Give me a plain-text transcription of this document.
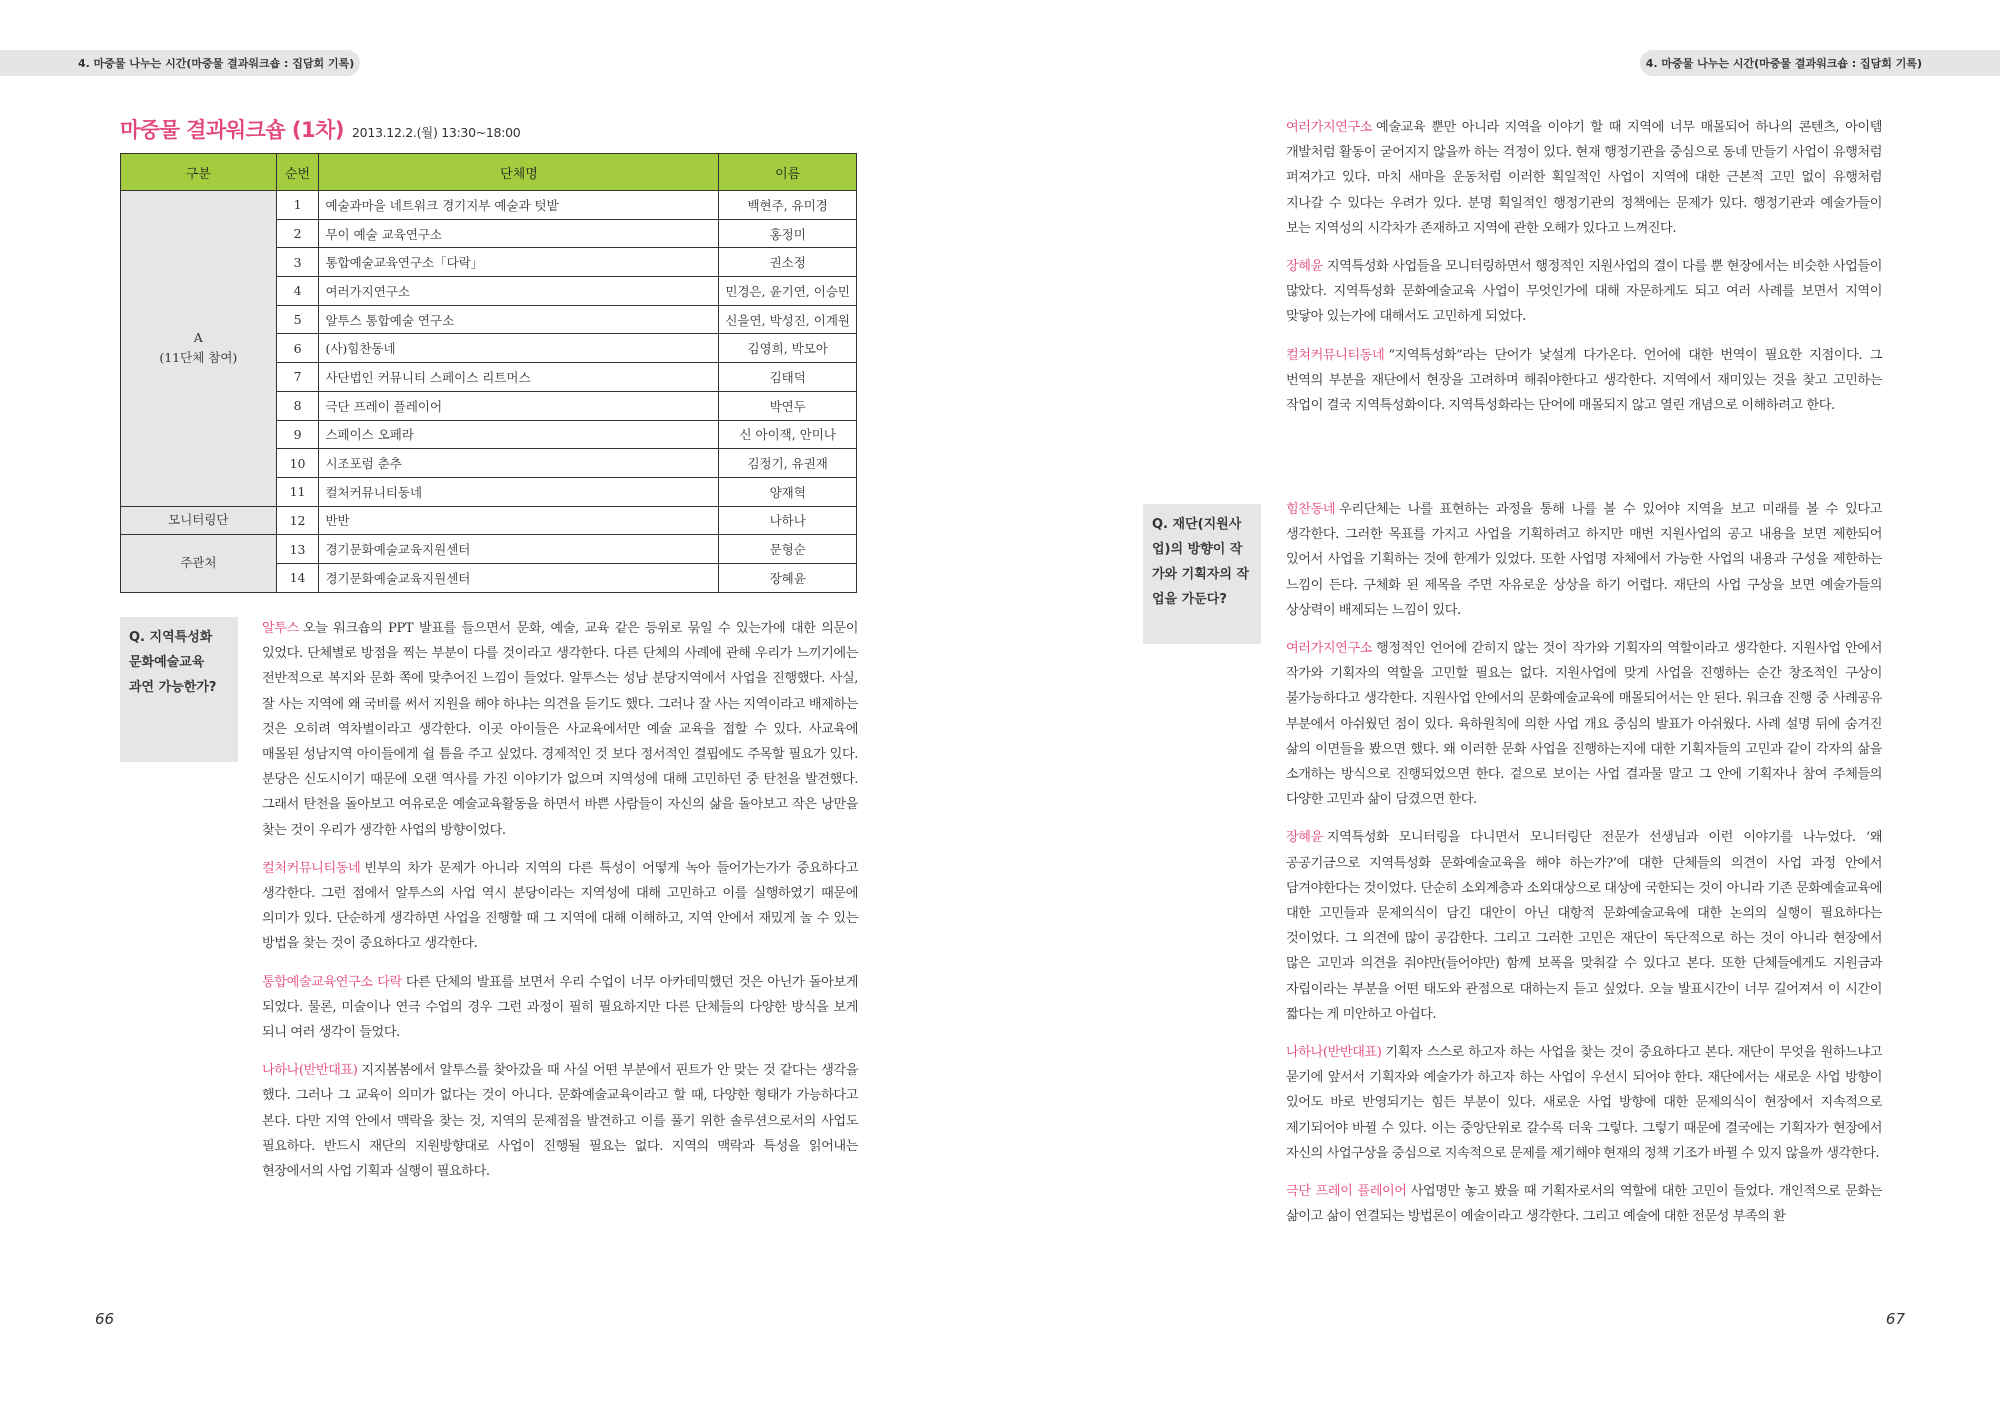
4. 마중물 나누는 시간(마중물 결과워크숍 : 집담회 기록)
마중물 결과워크숍 (1차) 2013.12.2.(월) 13:30~18:00
구분	순번	단체명	이름
A
(11단체 참여)	1	예술과마을 네트워크 경기지부 예술과 텃밭	백현주, 유미경
	2	무이 예술 교육연구소	홍정미
	3	통합예술교육연구소「다락」	권소정
	4	여러가지연구소	민경은, 윤기연, 이승민
	5	알투스 통합예술 연구소	신을연, 박성진, 이계원
	6	(사)힘찬동네	김영희, 박모아
	7	사단법인 커뮤니티 스페이스 리트머스	김태덕
	8	극단 프레이 플레이어	박연두
	9	스페이스 오페라	신 아이잭, 안미나
	10	시조포럼 춘추	김정기, 유권재
	11	컬처커뮤니티동네	양재혁
모니터링단	12	반반	나하나
주관처	13	경기문화예술교육지원센터	문형순
	14	경기문화예술교육지원센터	장혜윤
Q. 지역특성화
문화예술교육
과연 가능한가?

알투스 오늘 워크숍의 PPT 발표를 들으면서 문화, 예술, 교육 같은 등위로 묶일 수 있는가에 대한 의문이 있었다. 단체별로 방점을 찍는 부분이 다를 것이라고 생각한다. 다른 단체의 사례에 관해 우리가 느끼기에는 전반적으로 복지와 문화 쪽에 맞추어진 느낌이 들었다. 알투스는 성남 분당지역에서 사업을 진행했다. 사실, 잘 사는 지역에 왜 국비를 써서 지원을 해야 하냐는 의견을 듣기도 했다. 그러나 잘 사는 지역이라고 배제하는 것은 오히려 역차별이라고 생각한다. 이곳 아이들은 사교육에서만 예술 교육을 접할 수 있다. 사교육에 매몰된 성남지역 아이들에게 쉴 틈을 주고 싶었다. 경제적인 것 보다 정서적인 결핍에도 주목할 필요가 있다. 분당은 신도시이기 때문에 오랜 역사를 가진 이야기가 없으며 지역성에 대해 고민하던 중 탄천을 발견했다. 그래서 탄천을 돌아보고 여유로운 예술교육활동을 하면서 바쁜 사람들이 자신의 삶을 돌아보고 작은 낭만을 찾는 것이 우리가 생각한 사업의 방향이었다.

컬처커뮤니티동네 빈부의 차가 문제가 아니라 지역의 다른 특성이 어떻게 녹아 들어가는가가 중요하다고 생각한다. 그런 점에서 알투스의 사업 역시 분당이라는 지역성에 대해 고민하고 이를 실행하였기 때문에 의미가 있다. 단순하게 생각하면 사업을 진행할 때 그 지역에 대해 이해하고, 지역 안에서 재밌게 놀 수 있는 방법을 찾는 것이 중요하다고 생각한다.

통합예술교육연구소 다락 다른 단체의 발표를 보면서 우리 수업이 너무 아카데믹했던 것은 아닌가 돌아보게 되었다. 물론, 미술이나 연극 수업의 경우 그런 과정이 필히 필요하지만 다른 단체들의 다양한 방식을 보게 되니 여러 생각이 들었다.

나하나(반반대표) 지지봄봄에서 알투스를 찾아갔을 때 사실 어떤 부분에서 핀트가 안 맞는 것 같다는 생각을 했다. 그러나 그 교육이 의미가 없다는 것이 아니다. 문화예술교육이라고 할 때, 다양한 형태가 가능하다고 본다. 다만 지역 안에서 맥락을 찾는 것, 지역의 문제점을 발견하고 이를 풀기 위한 솔루션으로서의 사업도 필요하다. 반드시 재단의 지원방향대로 사업이 진행될 필요는 없다. 지역의 맥락과 특성을 읽어내는 현장에서의 사업 기획과 실행이 필요하다.

66
4. 마중물 나누는 시간(마중물 결과워크숍 : 집담회 기록)

여러가지연구소 예술교육 뿐만 아니라 지역을 이야기 할 때 지역에 너무 매몰되어 하나의 콘텐츠, 아이템 개발처럼 활동이 굳어지지 않을까 하는 걱정이 있다. 현재 행정기관을 중심으로 동네 만들기 사업이 유행처럼 퍼져가고 있다. 마치 새마을 운동처럼 이러한 획일적인 사업이 지역에 대한 근본적 고민 없이 유행처럼 지나갈 수 있다는 우려가 있다. 분명 획일적인 행정기관의 정책에는 문제가 있다. 행정기관과 예술가들이 보는 지역성의 시각차가 존재하고 지역에 관한 오해가 있다고 느껴진다.

장혜윤 지역특성화 사업들을 모니터링하면서 행정적인 지원사업의 결이 다를 뿐 현장에서는 비슷한 사업들이 많았다. 지역특성화 문화예술교육 사업이 무엇인가에 대해 자문하게도 되고 여러 사례를 보면서 지역이 맞닿아 있는가에 대해서도 고민하게 되었다.

컬쳐커뮤니티동네 “지역특성화”라는 단어가 낯설게 다가온다. 언어에 대한 번역이 필요한 지점이다. 그 번역의 부분을 재단에서 현장을 고려하며 해줘야한다고 생각한다. 지역에서 재미있는 것을 찾고 고민하는 작업이 결국 지역특성화이다. 지역특성화라는 단어에 매몰되지 않고 열린 개념으로 이해하려고 한다.

Q. 재단(지원사
업)의 방향이 작
가와 기획자의 작
업을 가둔다?

힘찬동네 우리단체는 나를 표현하는 과정을 통해 나를 볼 수 있어야 지역을 보고 미래를 볼 수 있다고 생각한다. 그러한 목표를 가지고 사업을 기획하려고 하지만 매번 지원사업의 공고 내용을 보면 제한되어 있어서 사업을 기획하는 것에 한계가 있었다. 또한 사업명 자체에서 가능한 사업의 내용과 구성을 제한하는 느낌이 든다. 구체화 된 제목을 주면 자유로운 상상을 하기 어렵다. 재단의 사업 구상을 보면 예술가들의 상상력이 배제되는 느낌이 있다.

여러가지연구소 행정적인 언어에 갇히지 않는 것이 작가와 기획자의 역할이라고 생각한다. 지원사업 안에서 작가와 기획자의 역할을 고민할 필요는 없다. 지원사업에 맞게 사업을 진행하는 순간 창조적인 구상이 불가능하다고 생각한다. 지원사업 안에서의 문화예술교육에 매몰되어서는 안 된다. 워크숍 진행 중 사례공유 부분에서 아쉬웠던 점이 있다. 육하원칙에 의한 사업 개요 중심의 발표가 아쉬웠다. 사례 설명 뒤에 숨겨진 삶의 이면들을 봤으면 했다. 왜 이러한 문화 사업을 진행하는지에 대한 기획자들의 고민과 같이 각자의 삶을 소개하는 방식으로 진행되었으면 한다. 겉으로 보이는 사업 결과물 말고 그 안에 기획자나 참여 주체들의 다양한 고민과 삶이 담겼으면 한다.

장혜윤 지역특성화 모니터링을 다니면서 모니터링단 전문가 선생님과 이런 이야기를 나누었다. ‘왜 공공기금으로 지역특성화 문화예술교육을 해야 하는가?’에 대한 단체들의 의견이 사업 과정 안에서 담겨야한다는 것이었다. 단순히 소외계층과 소외대상으로 대상에 국한되는 것이 아니라 기존 문화예술교육에 대한 고민들과 문제의식이 담긴 대안이 아닌 대항적 문화예술교육에 대한 논의의 실행이 필요하다는 것이었다. 그 의견에 많이 공감한다. 그리고 그러한 고민은 재단이 독단적으로 하는 것이 아니라 현장에서 많은 고민과 의견을 줘야만(들어야만) 함께 보폭을 맞춰갈 수 있다고 본다. 또한 단체들에게도 지원금과 자립이라는 부분을 어떤 태도와 관점으로 대하는지 듣고 싶었다. 오늘 발표시간이 너무 길어져서 이 시간이 짧다는 게 미안하고 아쉽다.

나하나(반반대표) 기획자 스스로 하고자 하는 사업을 찾는 것이 중요하다고 본다. 재단이 무엇을 원하느냐고 묻기에 앞서서 기획자와 예술가가 하고자 하는 사업이 우선시 되어야 한다. 재단에서는 새로운 사업 방향이 있어도 바로 반영되기는 힘든 부분이 있다. 새로운 사업 방향에 대한 문제의식이 현장에서 지속적으로 제기되어야 바뀔 수 있다. 이는 중앙단위로 갈수록 더욱 그렇다. 그렇기 때문에 결국에는 기획자가 현장에서 자신의 사업구상을 중심으로 지속적으로 문제를 제기해야 현재의 정책 기조가 바뀔 수 있지 않을까 생각한다.

극단 프레이 플레이어 사업명만 놓고 봤을 때 기획자로서의 역할에 대한 고민이 들었다. 개인적으로 문화는 삶이고 삶이 연결되는 방법론이 예술이라고 생각한다. 그리고 예술에 대한 전문성 부족의 환

67
